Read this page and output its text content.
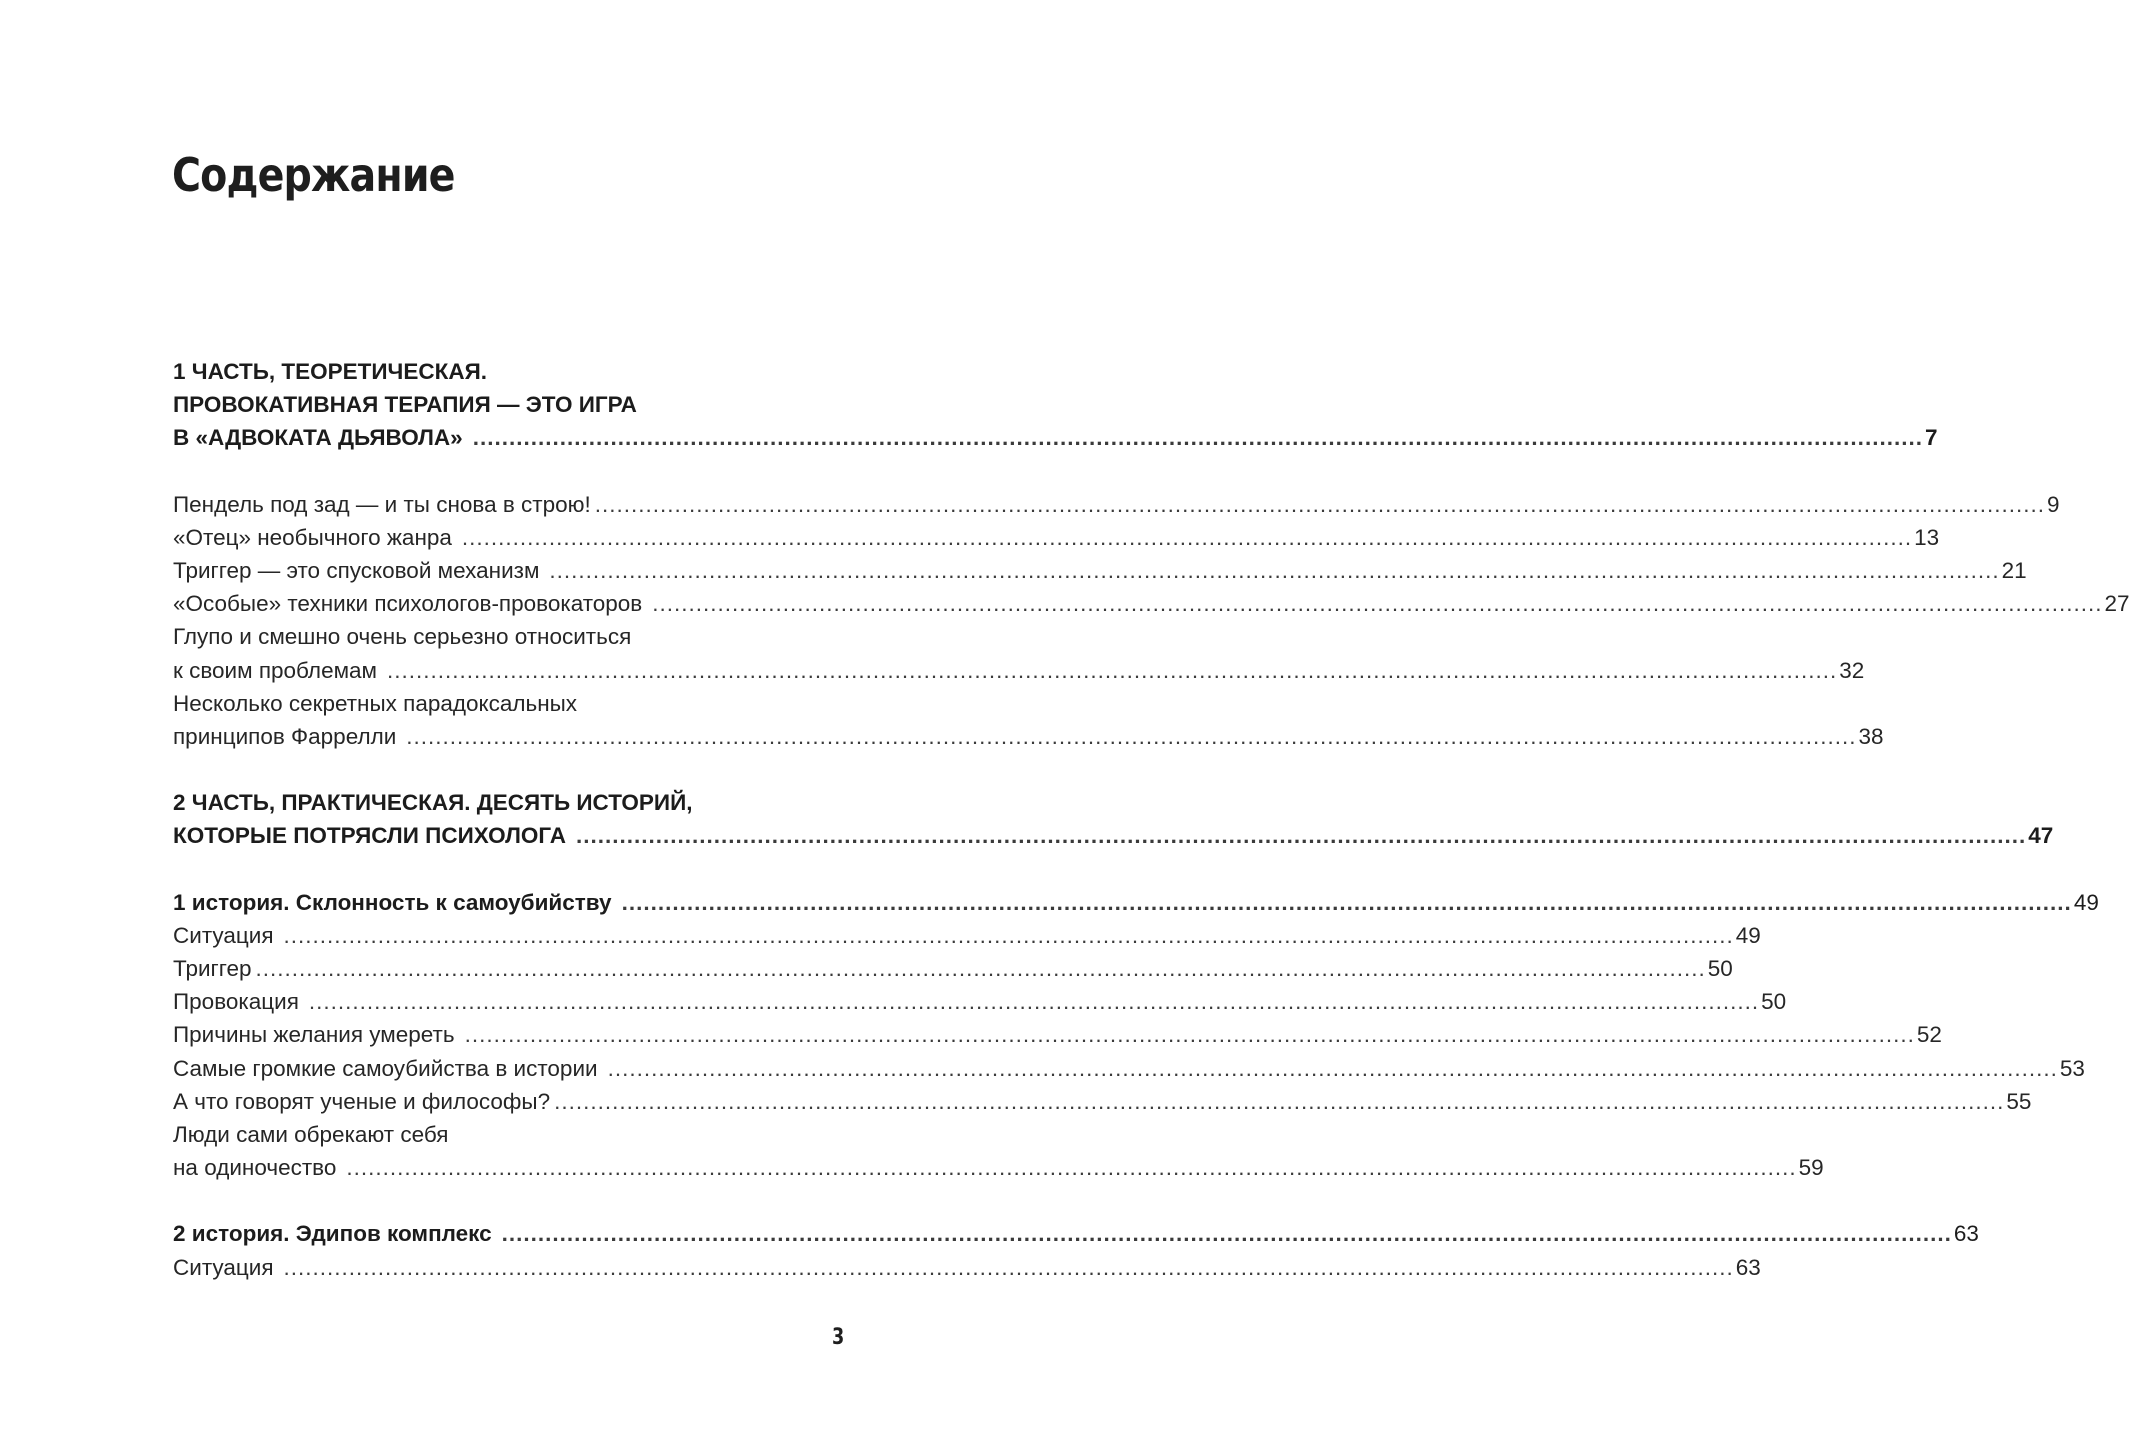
Содержание
1 ЧАСТЬ, ТЕОРЕТИЧЕСКАЯ.
ПРОВОКАТИВНАЯ ТЕРАПИЯ — ЭТО ИГРА
В «АДВОКАТА ДЬЯВОЛА» ........................................................................................................................................................................................................ 7
Пендель под зад — и ты снова в строю! ........................................................................................................................................................................................................ 9
«Отец» необычного жанра ........................................................................................................................................................................................................ 13
Триггер — это спусковой механизм ........................................................................................................................................................................................................ 21
«Особые» техники психологов-провокаторов ........................................................................................................................................................................................................ 27
Глупо и смешно очень серьезно относиться
к своим проблемам ........................................................................................................................................................................................................ 32
Несколько секретных парадоксальных
принципов Фаррелли ........................................................................................................................................................................................................ 38
2 ЧАСТЬ, ПРАКТИЧЕСКАЯ. ДЕСЯТЬ ИСТОРИЙ,
КОТОРЫЕ ПОТРЯСЛИ ПСИХОЛОГА ........................................................................................................................................................................................................ 47
1 история. Склонность к самоубийству ........................................................................................................................................................................................................ 49
Ситуация ........................................................................................................................................................................................................ 49
Триггер ........................................................................................................................................................................................................ 50
Провокация ........................................................................................................................................................................................................ 50
Причины желания умереть ........................................................................................................................................................................................................ 52
Самые громкие самоубийства в истории ........................................................................................................................................................................................................ 53
А что говорят ученые и философы? ........................................................................................................................................................................................................ 55
Люди сами обрекают себя
на одиночество ........................................................................................................................................................................................................ 59
2 история. Эдипов комплекс ........................................................................................................................................................................................................ 63
Ситуация ........................................................................................................................................................................................................ 63
3
